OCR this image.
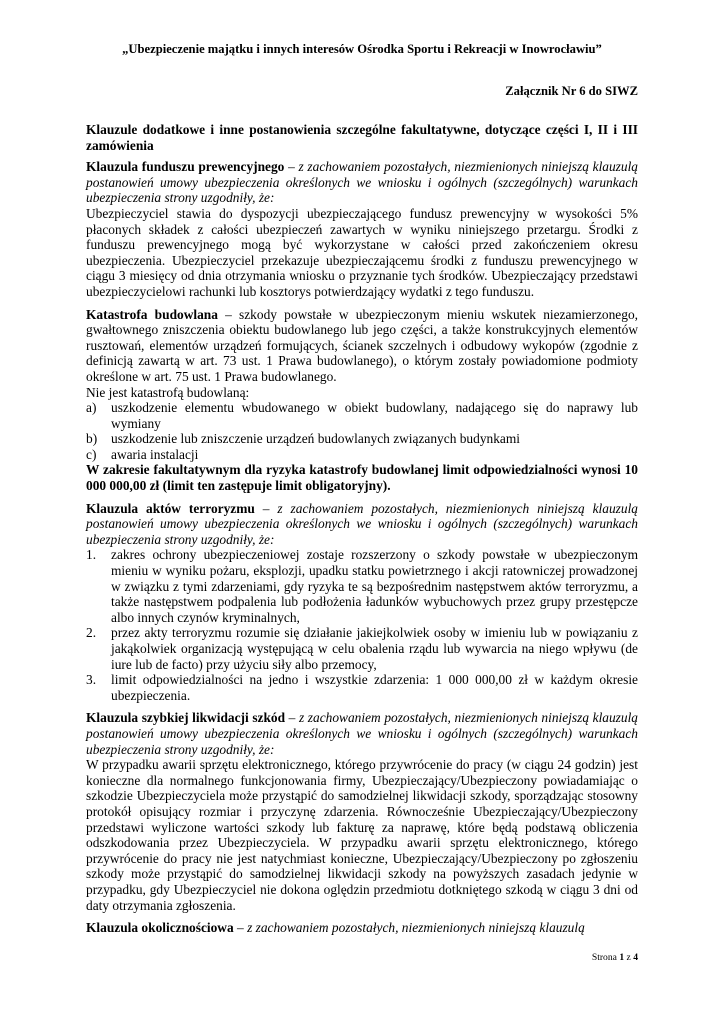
„Ubezpieczenie majątku i innych interesów Ośrodka Sportu i Rekreacji w Inowrocławiu”
Załącznik Nr 6 do SIWZ
Klauzule dodatkowe i inne postanowienia szczególne fakultatywne, dotyczące części I, II i III zamówienia

Klauzula funduszu prewencyjnego – z zachowaniem pozostałych, niezmienionych niniejszą klauzulą postanowień umowy ubezpieczenia określonych we wniosku i ogólnych (szczególnych) warunkach ubezpieczenia strony uzgodniły, że:

Ubezpieczyciel stawia do dyspozycji ubezpieczającego fundusz prewencyjny w wysokości 5% płaconych składek z całości ubezpieczeń zawartych w wyniku niniejszego przetargu. Środki z funduszu prewencyjnego mogą być wykorzystane w całości przed zakończeniem okresu ubezpieczenia. Ubezpieczyciel przekazuje ubezpieczającemu środki z funduszu prewencyjnego w ciągu 3 miesięcy od dnia otrzymania wniosku o przyznanie tych środków. Ubezpieczający przedstawi ubezpieczycielowi rachunki lub kosztorys potwierdzający wydatki z tego funduszu.

Katastrofa budowlana – szkody powstałe w ubezpieczonym mieniu wskutek niezamierzonego, gwałtownego zniszczenia obiektu budowlanego lub jego części, a także konstrukcyjnych elementów rusztowań, elementów urządzeń formujących, ścianek szczelnych i odbudowy wykopów (zgodnie z definicją zawartą w art. 73 ust. 1 Prawa budowlanego), o którym zostały powiadomione podmioty określone w art. 75 ust. 1 Prawa budowlanego.

Nie jest katastrofą budowlaną:

a) uszkodzenie elementu wbudowanego w obiekt budowlany, nadającego się do naprawy lub wymiany
b) uszkodzenie lub zniszczenie urządzeń budowlanych związanych budynkami
c) awaria instalacji

W zakresie fakultatywnym dla ryzyka katastrofy budowlanej limit odpowiedzialności wynosi 10 000 000,00 zł (limit ten zastępuje limit obligatoryjny).

Klauzula aktów terroryzmu – z zachowaniem pozostałych, niezmienionych niniejszą klauzulą postanowień umowy ubezpieczenia określonych we wniosku i ogólnych (szczególnych) warunkach ubezpieczenia strony uzgodniły, że:

1. zakres ochrony ubezpieczeniowej zostaje rozszerzony o szkody powstałe w ubezpieczonym mieniu w wyniku pożaru, eksplozji, upadku statku powietrznego i akcji ratowniczej prowadzonej w związku z tymi zdarzeniami, gdy ryzyka te są bezpośrednim następstwem aktów terroryzmu, a także następstwem podpalenia lub podłożenia ładunków wybuchowych przez grupy przestępcze albo innych czynów kryminalnych,
2. przez akty terroryzmu rozumie się działanie jakiejkolwiek osoby w imieniu lub w powiązaniu z jakąkolwiek organizacją występującą w celu obalenia rządu lub wywarcia na niego wpływu (de iure lub de facto) przy użyciu siły albo przemocy,
3. limit odpowiedzialności na jedno i wszystkie zdarzenia: 1 000 000,00 zł w każdym okresie ubezpieczenia.

Klauzula szybkiej likwidacji szkód – z zachowaniem pozostałych, niezmienionych niniejszą klauzulą postanowień umowy ubezpieczenia określonych we wniosku i ogólnych (szczególnych) warunkach ubezpieczenia strony uzgodniły, że:

W przypadku awarii sprzętu elektronicznego, którego przywrócenie do pracy (w ciągu 24 godzin) jest konieczne dla normalnego funkcjonowania firmy, Ubezpieczający/Ubezpieczony powiadamiając o szkodzie Ubezpieczyciela może przystąpić do samodzielnej likwidacji szkody, sporządzając stosowny protokół opisujący rozmiar i przyczynę zdarzenia. Równocześnie Ubezpieczający/Ubezpieczony przedstawi wyliczone wartości szkody lub fakturę za naprawę, które będą podstawą obliczenia odszkodowania przez Ubezpieczyciela. W przypadku awarii sprzętu elektronicznego, którego przywrócenie do pracy nie jest natychmiast konieczne, Ubezpieczający/Ubezpieczony po zgłoszeniu szkody może przystąpić do samodzielnej likwidacji szkody na powyższych zasadach jedynie w przypadku, gdy Ubezpieczyciel nie dokona oględzin przedmiotu dotkniętego szkodą w ciągu 3 dni od daty otrzymania zgłoszenia.

Klauzula okolicznościowa – z zachowaniem pozostałych, niezmienionych niniejszą klauzulą

Strona 1 z 4
